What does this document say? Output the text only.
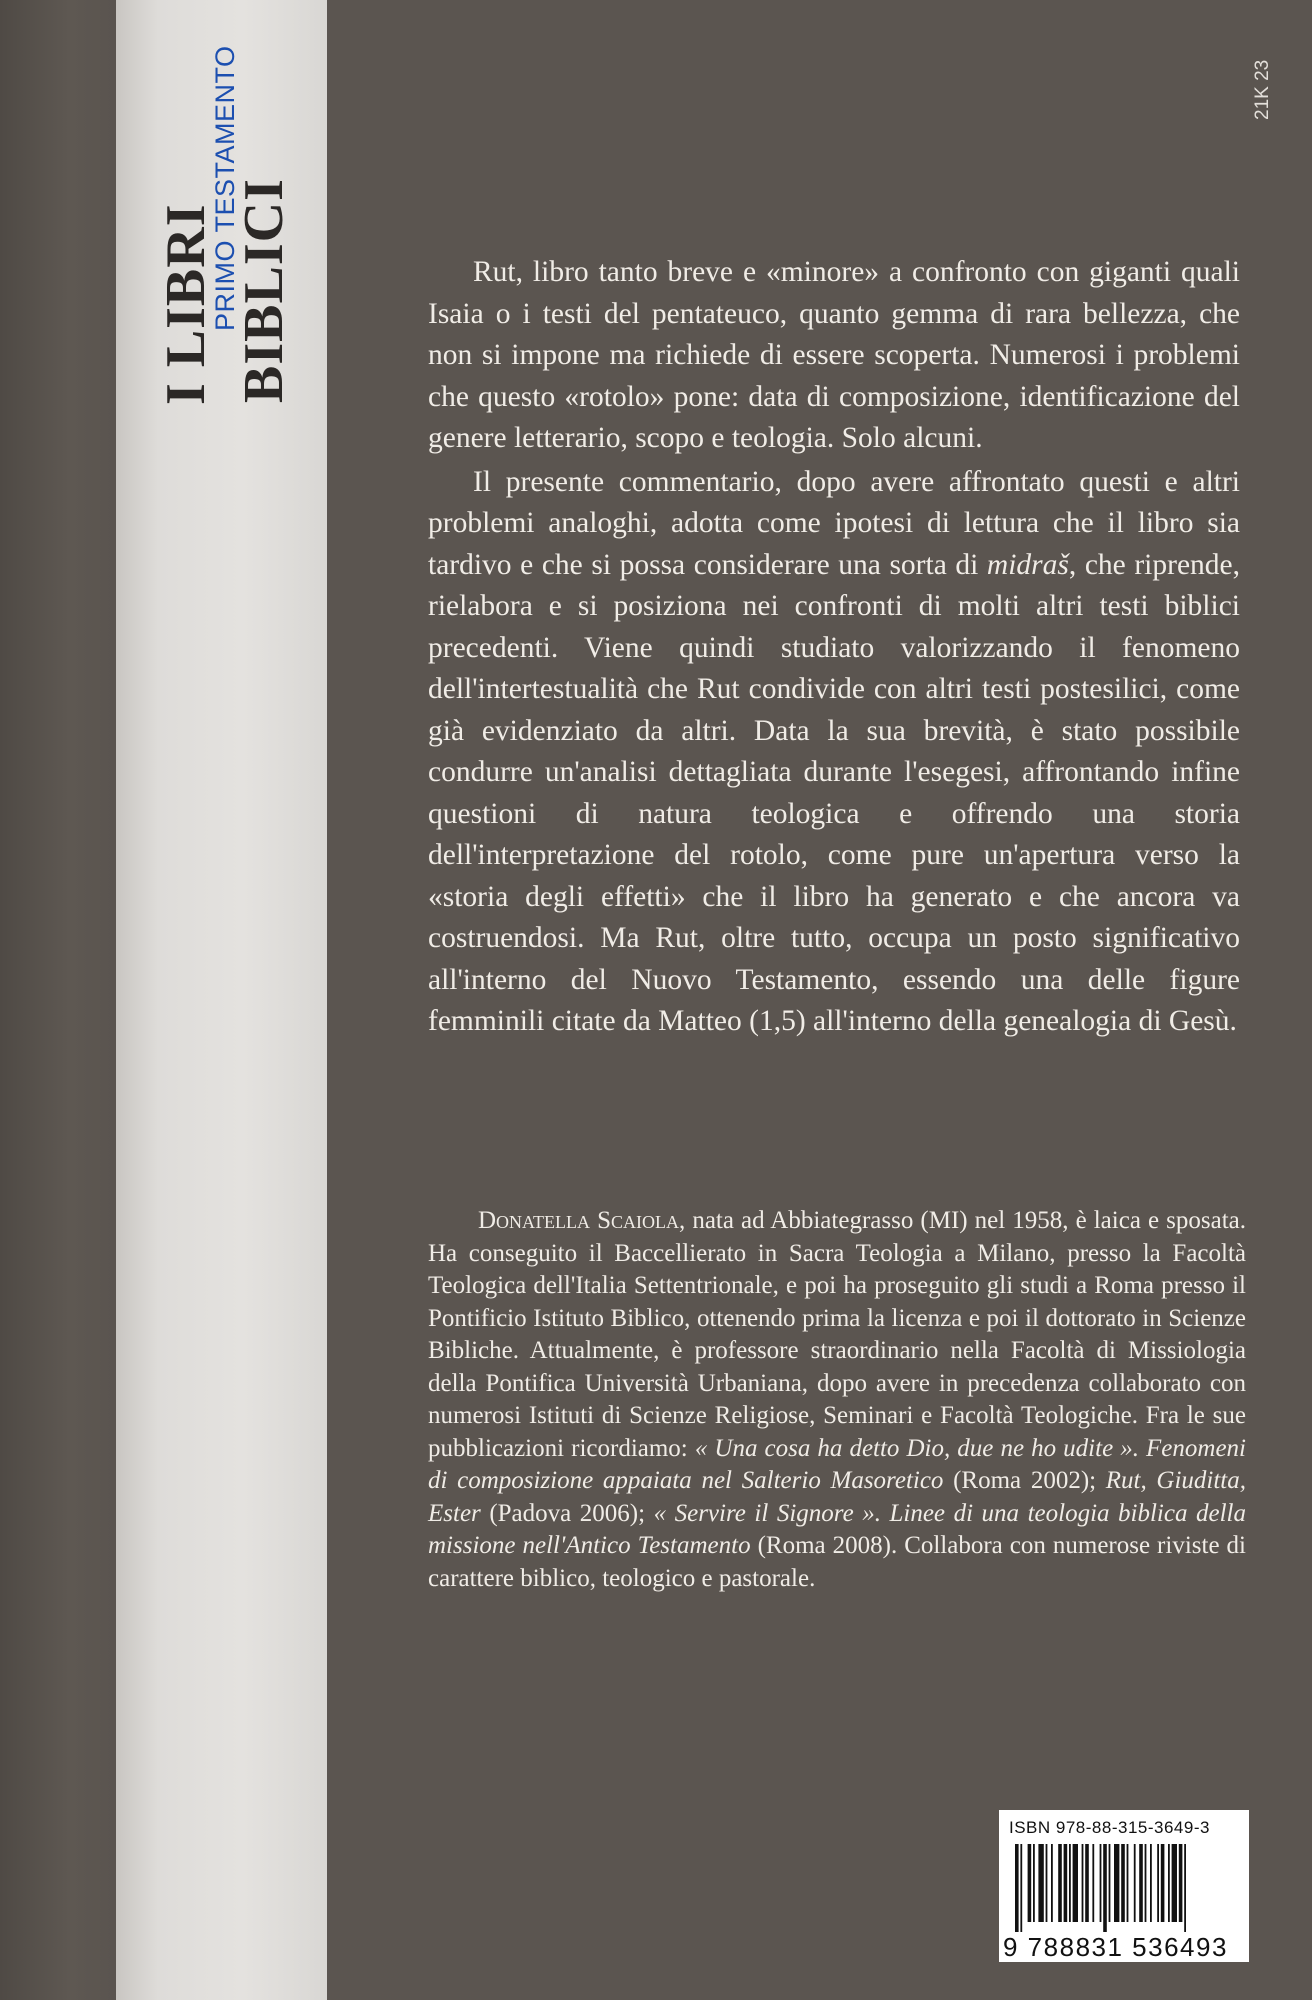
I LIBRI
PRIMO TESTAMENTO
BIBLICI
21K 23

Rut, libro tanto breve e «minore» a confronto con giganti quali Isaia o i testi del pentateuco, quanto gemma di rara bellezza, che non si impone ma richiede di essere scoperta. Numerosi i problemi che questo «rotolo» pone: data di composizione, identificazione del genere letterario, scopo e teologia. Solo alcuni.

Il presente commentario, dopo avere affrontato questi e altri problemi analoghi, adotta come ipotesi di lettura che il libro sia tardivo e che si possa considerare una sorta di midraš, che riprende, rielabora e si posiziona nei confronti di molti altri testi biblici precedenti. Viene quindi studiato valorizzando il fenomeno dell'intertestualità che Rut condivide con altri testi postesilici, come già evidenziato da altri. Data la sua brevità, è stato possibile condurre un'analisi dettagliata durante l'esegesi, affrontando infine questioni di natura teologica e offrendo una storia dell'interpretazione del rotolo, come pure un'apertura verso la «storia degli effetti» che il libro ha generato e che ancora va costruendosi. Ma Rut, oltre tutto, occupa un posto significativo all'interno del Nuovo Testamento, essendo una delle figure femminili citate da Matteo (1,5) all'interno della genealogia di Gesù.

Donatella Scaiola, nata ad Abbiategrasso (MI) nel 1958, è laica e sposata. Ha conseguito il Baccellierato in Sacra Teologia a Milano, presso la Facoltà Teologica dell'Italia Settentrionale, e poi ha proseguito gli studi a Roma presso il Pontificio Istituto Biblico, ottenendo prima la licenza e poi il dottorato in Scienze Bibliche. Attualmente, è professore straordinario nella Facoltà di Missiologia della Pontifica Università Urbaniana, dopo avere in precedenza collaborato con numerosi Istituti di Scienze Religiose, Seminari e Facoltà Teologiche. Fra le sue pubblicazioni ricordiamo: « Una cosa ha detto Dio, due ne ho udite ». Fenomeni di composizione appaiata nel Salterio Masoretico (Roma 2002); Rut, Giuditta, Ester (Padova 2006); « Servire il Signore ». Linee di una teologia biblica della missione nell'Antico Testamento (Roma 2008). Collabora con numerose riviste di carattere biblico, teologico e pastorale.

ISBN 978-88-315-3649-3
9 788831 536493
